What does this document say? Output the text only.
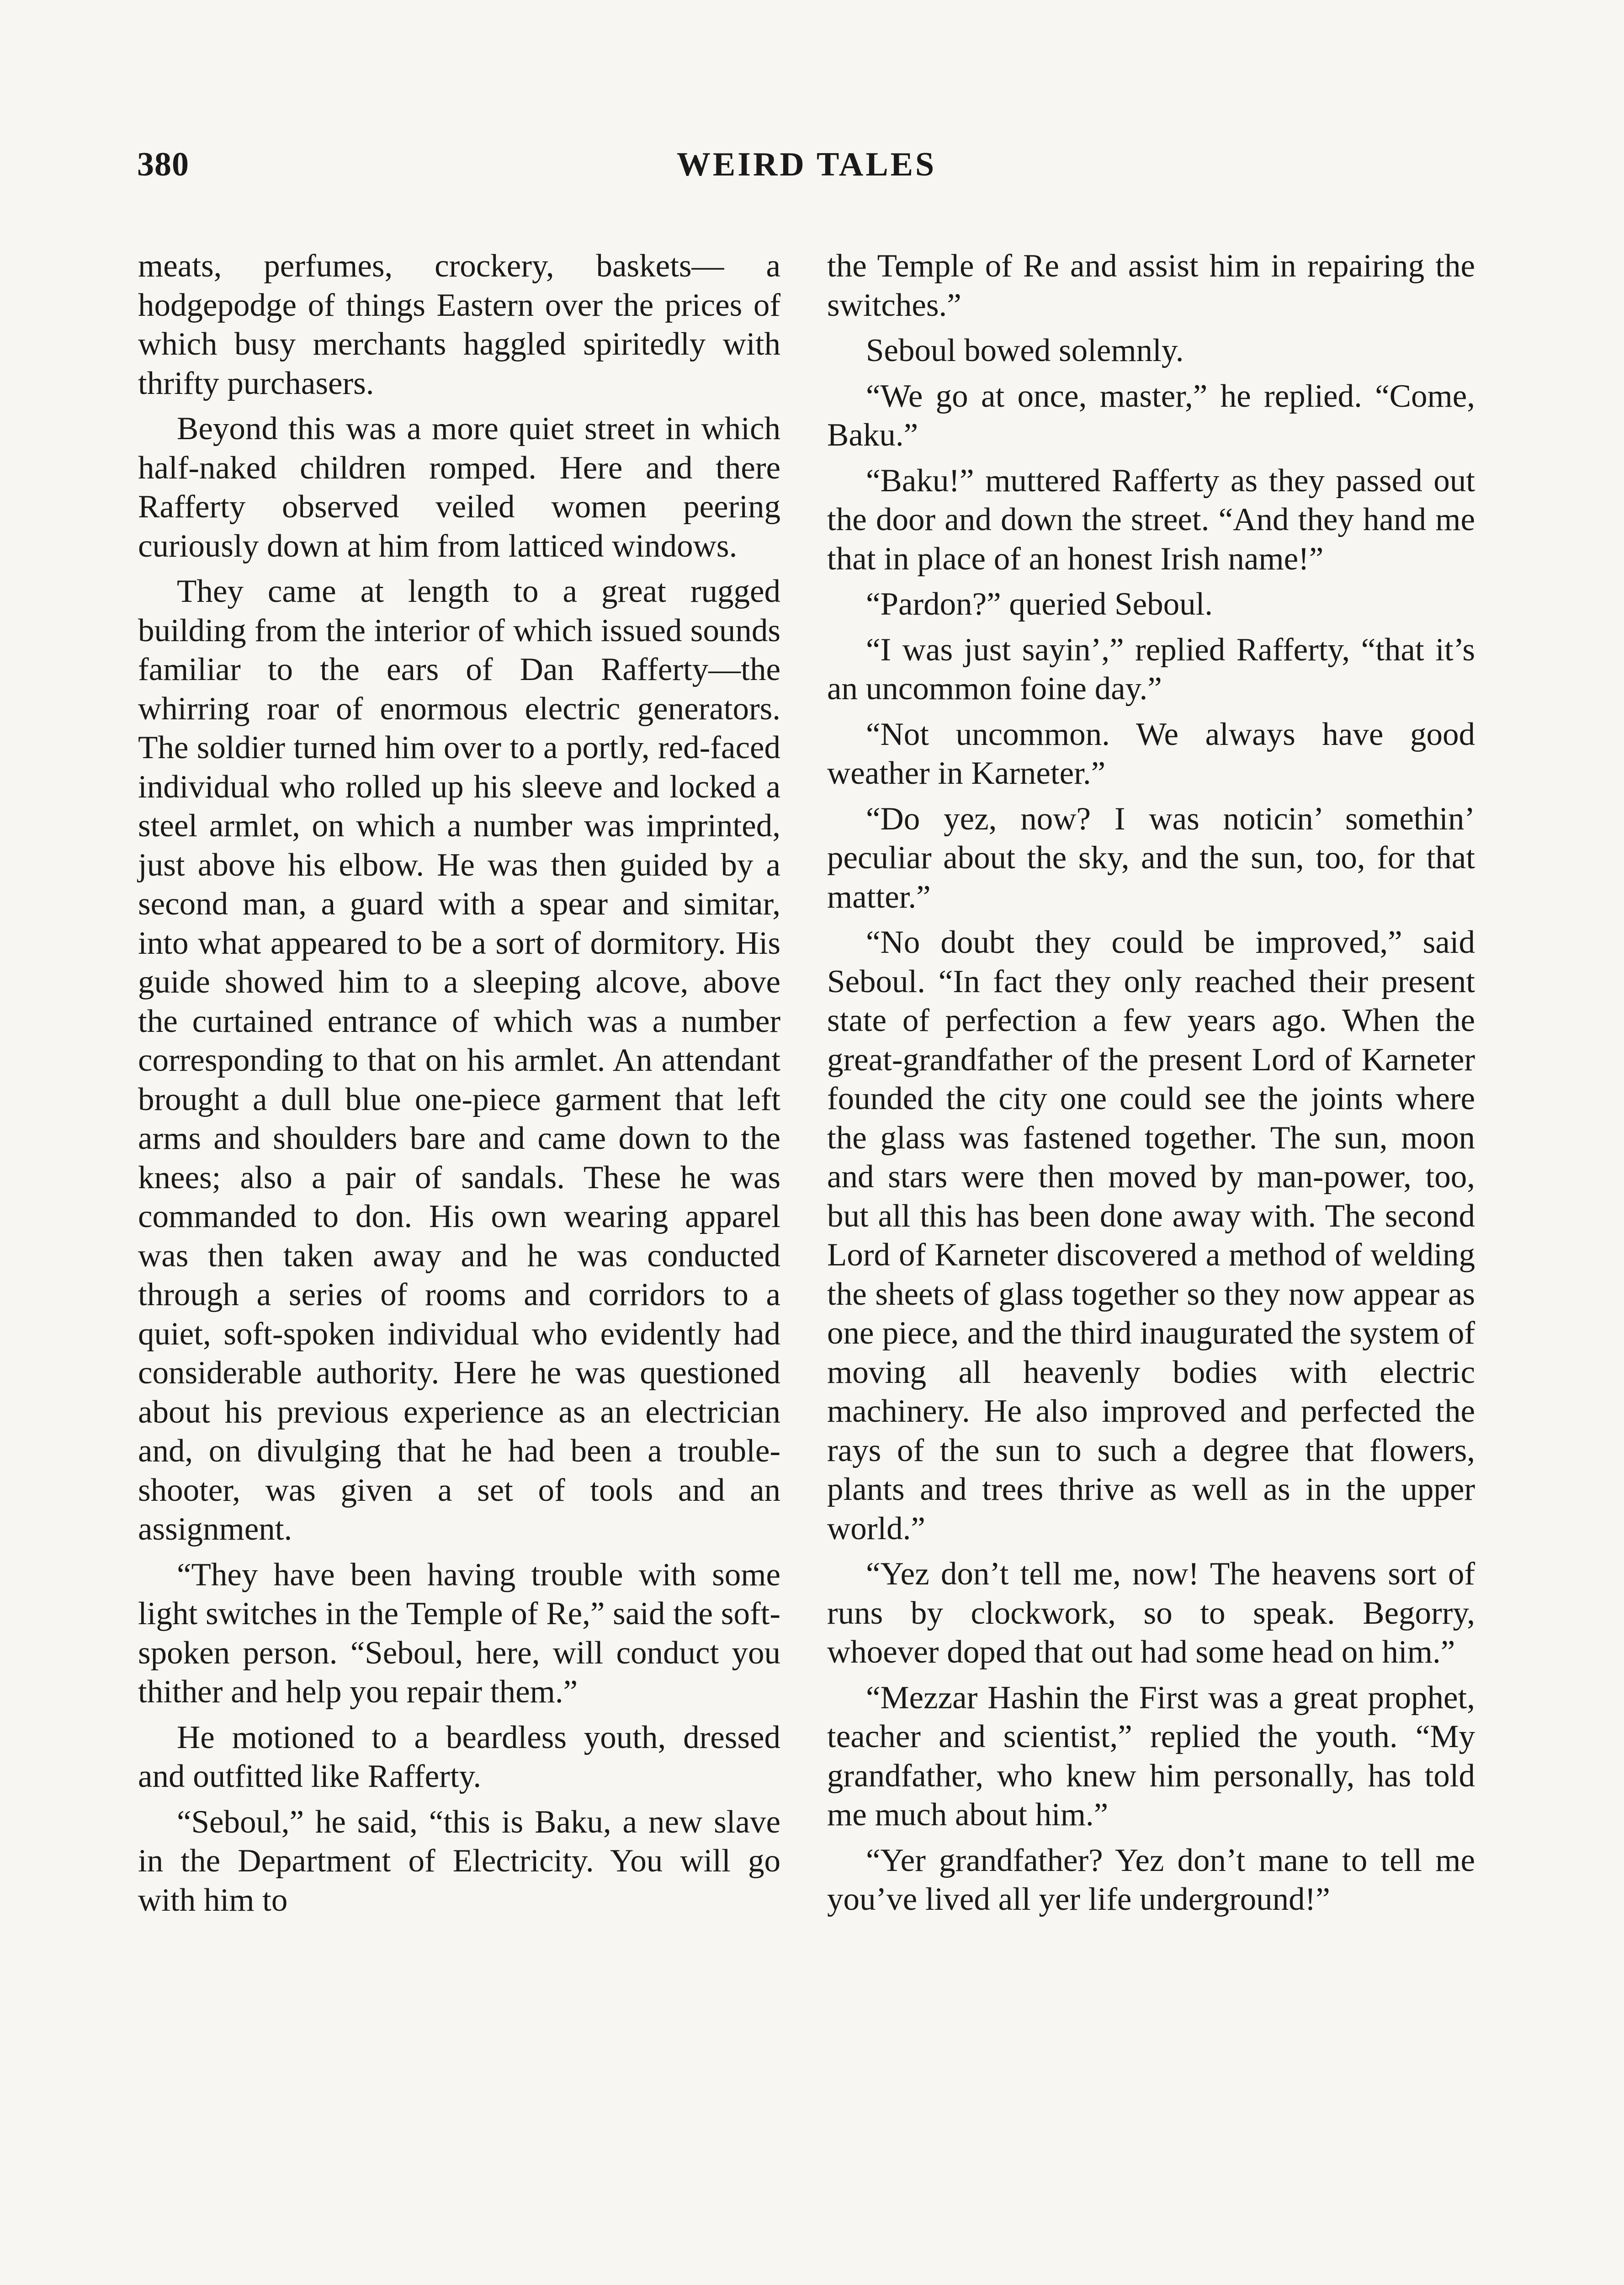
380	WEIRD TALES

meats, perfumes, crockery, baskets— a hodgepodge of things Eastern over the prices of which busy merchants haggled spiritedly with thrifty purchasers.

Beyond this was a more quiet street in which half-naked children romped. Here and there Rafferty observed veiled women peering curiously down at him from latticed windows.

They came at length to a great rugged building from the interior of which issued sounds familiar to the ears of Dan Rafferty—the whirring roar of enormous electric generators. The soldier turned him over to a portly, red-faced individual who rolled up his sleeve and locked a steel armlet, on which a number was imprinted, just above his elbow. He was then guided by a second man, a guard with a spear and simitar, into what appeared to be a sort of dormitory. His guide showed him to a sleeping alcove, above the curtained entrance of which was a number corresponding to that on his armlet. An attendant brought a dull blue one-piece garment that left arms and shoulders bare and came down to the knees; also a pair of sandals. These he was commanded to don. His own wearing apparel was then taken away and he was conducted through a series of rooms and corridors to a quiet, soft-spoken individual who evidently had considerable authority. Here he was questioned about his previous experience as an electrician and, on divulging that he had been a trouble-shooter, was given a set of tools and an assignment.

“They have been having trouble with some light switches in the Temple of Re,” said the soft-spoken person. “Seboul, here, will conduct you thither and help you repair them.”

He motioned to a beardless youth, dressed and outfitted like Rafferty.

“Seboul,” he said, “this is Baku, a new slave in the Department of Electricity. You will go with him to

the Temple of Re and assist him in repairing the switches.”

Seboul bowed solemnly.

“We go at once, master,” he replied. “Come, Baku.”

“Baku!” muttered Rafferty as they passed out the door and down the street. “And they hand me that in place of an honest Irish name!”

“Pardon?” queried Seboul.

“I was just sayin’,” replied Rafferty, “that it’s an uncommon foine day.”

“Not uncommon. We always have good weather in Karneter.”

“Do yez, now? I was noticin’ somethin’ peculiar about the sky, and the sun, too, for that matter.”

“No doubt they could be improved,” said Seboul. “In fact they only reached their present state of perfection a few years ago. When the great-grandfather of the present Lord of Karneter founded the city one could see the joints where the glass was fastened together. The sun, moon and stars were then moved by man-power, too, but all this has been done away with. The second Lord of Karneter discovered a method of welding the sheets of glass together so they now appear as one piece, and the third inaugurated the system of moving all heavenly bodies with electric machinery. He also improved and perfected the rays of the sun to such a degree that flowers, plants and trees thrive as well as in the upper world.”

“Yez don’t tell me, now! The heavens sort of runs by clockwork, so to speak. Begorry, whoever doped that out had some head on him.”

“Mezzar Hashin the First was a great prophet, teacher and scientist,” replied the youth. “My grandfather, who knew him personally, has told me much about him.”

“Yer grandfather? Yez don’t mane to tell me you’ve lived all yer life underground!”
